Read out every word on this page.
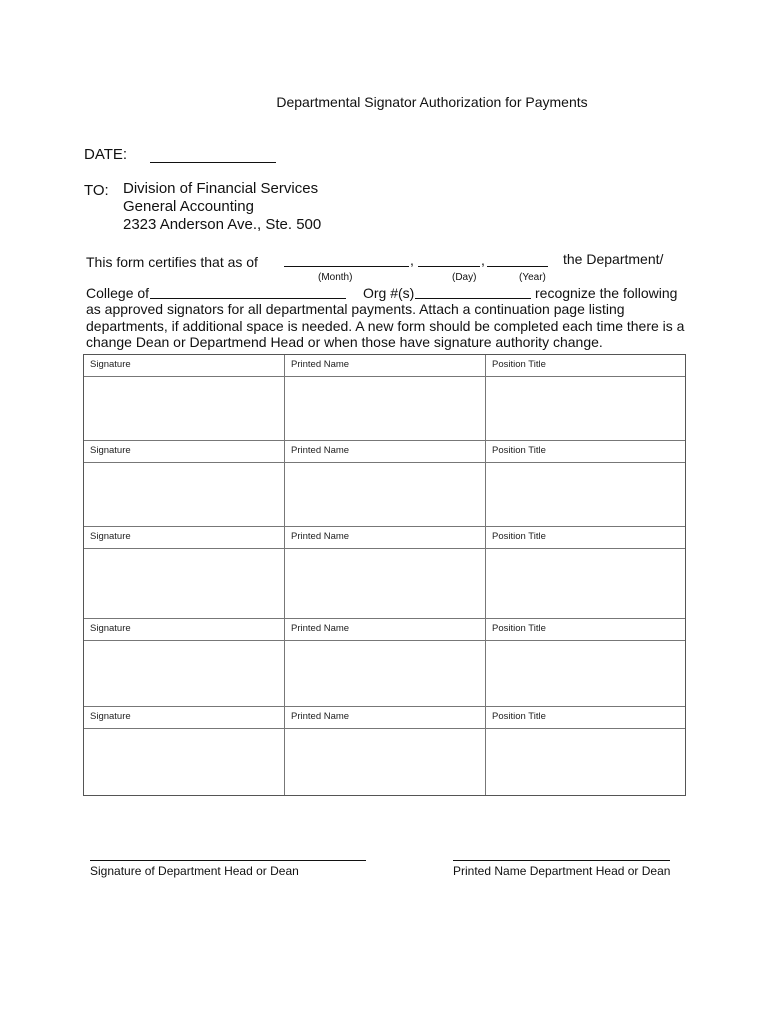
Departmental Signator Authorization for Payments
DATE:
TO: Division of Financial Services
General Accounting
2323 Anderson Ave., Ste. 500
This form certifies that as of	,	,	the Department/
(Month)	(Day)	(Year)
College of	Org #(s)	recognize the following
as approved signators for all departmental payments. Attach a continuation page listing
departments, if additional space is needed. A new form should be completed each time there is a
change Dean or Departmend Head or when those have signature authority change.
Signature	Printed Name	Position Title
Signature	Printed Name	Position Title
Signature	Printed Name	Position Title
Signature	Printed Name	Position Title
Signature	Printed Name	Position Title
Signature of Department Head or Dean	Printed Name Department Head or Dean
